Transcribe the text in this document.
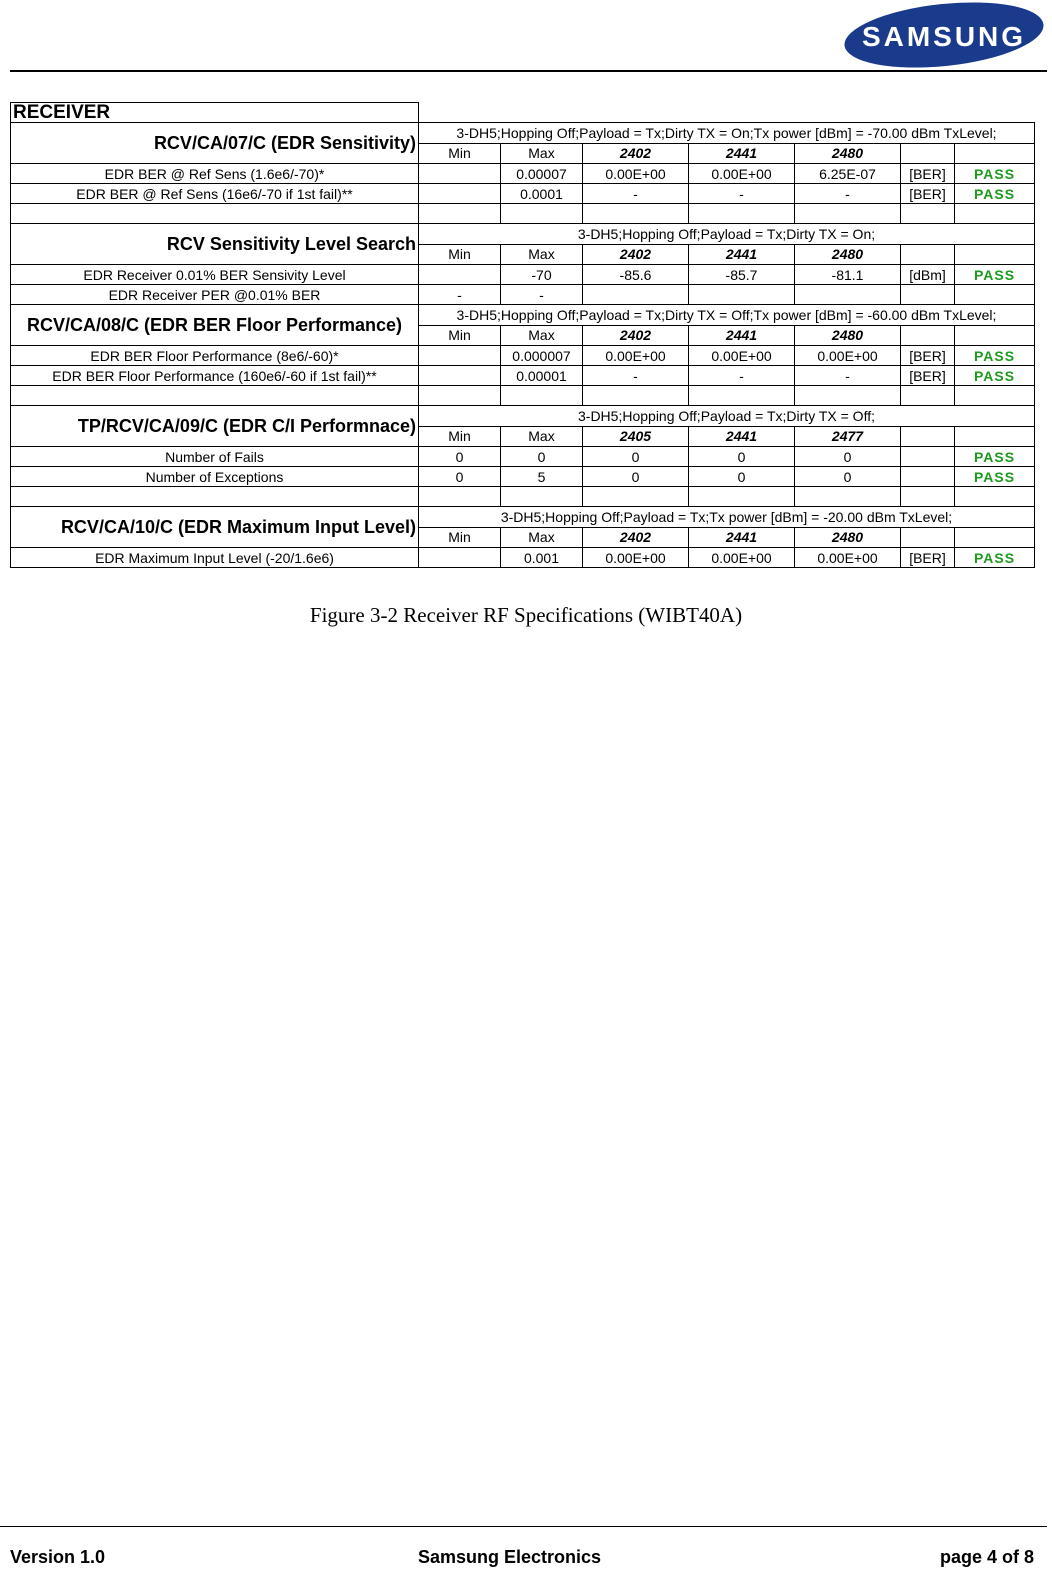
SAMSUNG
RECEIVER							
RCV/CA/07/C (EDR Sensitivity)	3-DH5;Hopping Off;Payload = Tx;Dirty TX = On;Tx power [dBm] = -70.00 dBm TxLevel;						
	Min	Max	2402	2441	2480		
EDR BER @ Ref Sens (1.6e6/-70)*		0.00007	0.00E+00	0.00E+00	6.25E-07	[BER]	PASS
EDR BER @ Ref Sens (16e6/-70 if 1st fail)**		0.0001	-	-	-	[BER]	PASS

RCV Sensitivity Level Search	3-DH5;Hopping Off;Payload = Tx;Dirty TX = On;						
	Min	Max	2402	2441	2480		
EDR Receiver 0.01% BER Sensivity Level		-70	-85.6	-85.7	-81.1	[dBm]	PASS
EDR Receiver PER @0.01% BER	-	-					
RCV/CA/08/C (EDR BER Floor Performance)	3-DH5;Hopping Off;Payload = Tx;Dirty TX = Off;Tx power [dBm] = -60.00 dBm TxLevel;						
	Min	Max	2402	2441	2480		
EDR BER Floor Performance (8e6/-60)*		0.000007	0.00E+00	0.00E+00	0.00E+00	[BER]	PASS
EDR BER Floor Performance (160e6/-60 if 1st fail)**		0.00001	-	-	-	[BER]	PASS

TP/RCV/CA/09/C (EDR C/I Performnace)	3-DH5;Hopping Off;Payload = Tx;Dirty TX = Off;						
	Min	Max	2405	2441	2477		
Number of Fails	0	0	0	0	0		PASS
Number of Exceptions	0	5	0	0	0		PASS

RCV/CA/10/C (EDR Maximum Input Level)	3-DH5;Hopping Off;Payload = Tx;Tx power [dBm] = -20.00 dBm TxLevel;						
	Min	Max	2402	2441	2480		
EDR Maximum Input Level (-20/1.6e6)		0.001	0.00E+00	0.00E+00	0.00E+00	[BER]	PASS
Figure 3-2 Receiver RF Specifications (WIBT40A)
Version 1.0	Samsung Electronics	page 4 of 8
